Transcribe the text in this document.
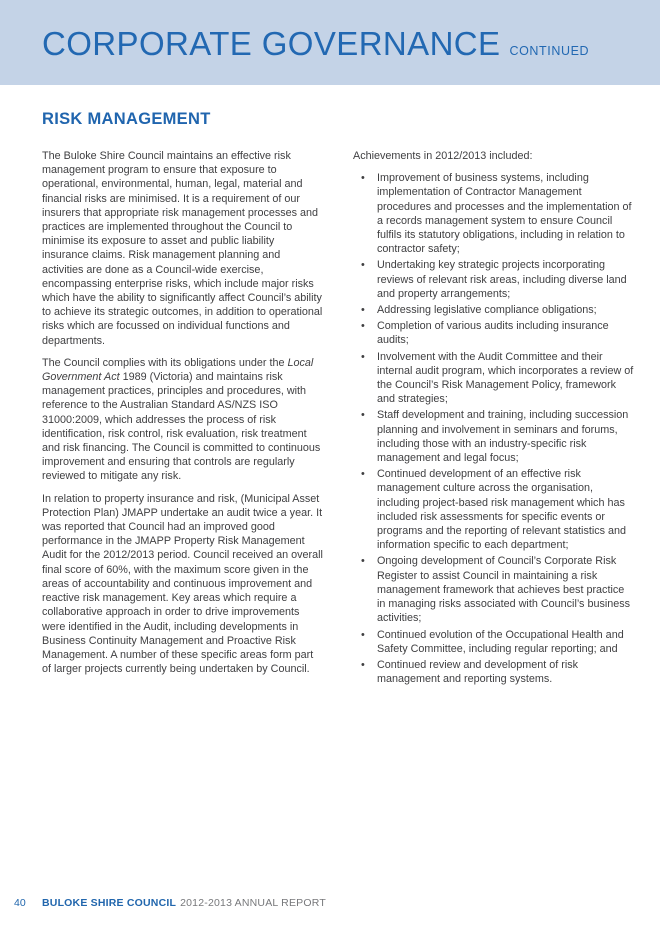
CORPORATE GOVERNANCE CONTINUED
RISK MANAGEMENT

The Buloke Shire Council maintains an effective risk management program to ensure that exposure to operational, environmental, human, legal, material and financial risks are minimised. It is a requirement of our insurers that appropriate risk management processes and practices are implemented throughout the Council to minimise its exposure to asset and public liability insurance claims. Risk management planning and activities are done as a Council-wide exercise, encompassing enterprise risks, which include major risks which have the ability to significantly affect Council’s ability to achieve its strategic outcomes, in addition to operational risks which are focussed on individual functions and departments.

The Council complies with its obligations under the Local Government Act 1989 (Victoria) and maintains risk management practices, principles and procedures, with reference to the Australian Standard AS/NZS ISO 31000:2009, which addresses the process of risk identification, risk control, risk evaluation, risk treatment and risk financing. The Council is committed to continuous improvement and ensuring that controls are regularly reviewed to mitigate any risk.

In relation to property insurance and risk, (Municipal Asset Protection Plan) JMAPP undertake an audit twice a year. It was reported that Council had an improved good performance in the JMAPP Property Risk Management Audit for the 2012/2013 period. Council received an overall final score of 60%, with the maximum score given in the areas of accountability and continuous improvement and reactive risk management. Key areas which require a collaborative approach in order to drive improvements were identified in the Audit, including developments in Business Continuity Management and Proactive Risk Management. A number of these specific areas form part of larger projects currently being undertaken by Council.

Achievements in 2012/2013 included:

•	Improvement of business systems, including implementation of Contractor Management procedures and processes and the implementation of a records management system to ensure Council fulfils its statutory obligations, including in relation to contractor safety;
•	Undertaking key strategic projects incorporating reviews of relevant risk areas, including diverse land and property arrangements;
•	Addressing legislative compliance obligations;
•	Completion of various audits including insurance audits;
•	Involvement with the Audit Committee and their internal audit program, which incorporates a review of the Council’s Risk Management Policy, framework and strategies;
•	Staff development and training, including succession planning and involvement in seminars and forums, including those with an industry-specific risk management and legal focus;
•	Continued development of an effective risk management culture across the organisation, including project-based risk management which has included risk assessments for specific events or programs and the reporting of relevant statistics and information specific to each department;
•	Ongoing development of Council’s Corporate Risk Register to assist Council in maintaining a risk management framework that achieves best practice in managing risks associated with Council’s business activities;
•	Continued evolution of the Occupational Health and Safety Committee, including regular reporting; and
•	Continued review and development of risk management and reporting systems.
40 BULOKE SHIRE COUNCIL 2012-2013 ANNUAL REPORT
